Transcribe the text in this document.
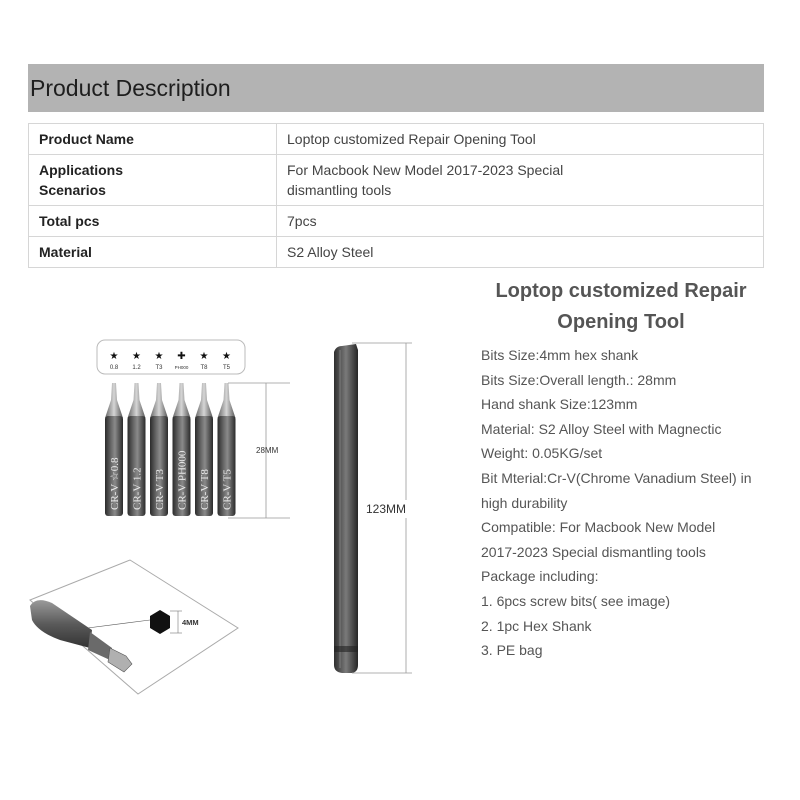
Product Description
Product Name	Loptop customized Repair Opening Tool

Applications Scenarios	For Macbook New Model 2017-2023 Special dismantling tools

Total pcs	7pcs
Material	S2 Alloy Steel
★
0.8
★
1.2
★
T3
✚
PH000
★
T8
★
T5
CR-V ☆0.8 CR-V 1.2 CR-V T3 CR-V PH000 CR-V T8 CR-V T5
28MM
123MM
4MM
Loptop customized Repair Opening Tool
Bits Size:4mm hex shank
Bits Size:Overall length.: 28mm
Hand shank Size:123mm
Material: S2 Alloy Steel with Magnectic
Weight: 0.05KG/set
Bit Mterial:Cr-V(Chrome Vanadium Steel) in
high durability
Compatible: For Macbook New Model
2017-2023 Special dismantling tools
Package including:
1. 6pcs screw bits( see image)
2. 1pc Hex Shank
3. PE bag
